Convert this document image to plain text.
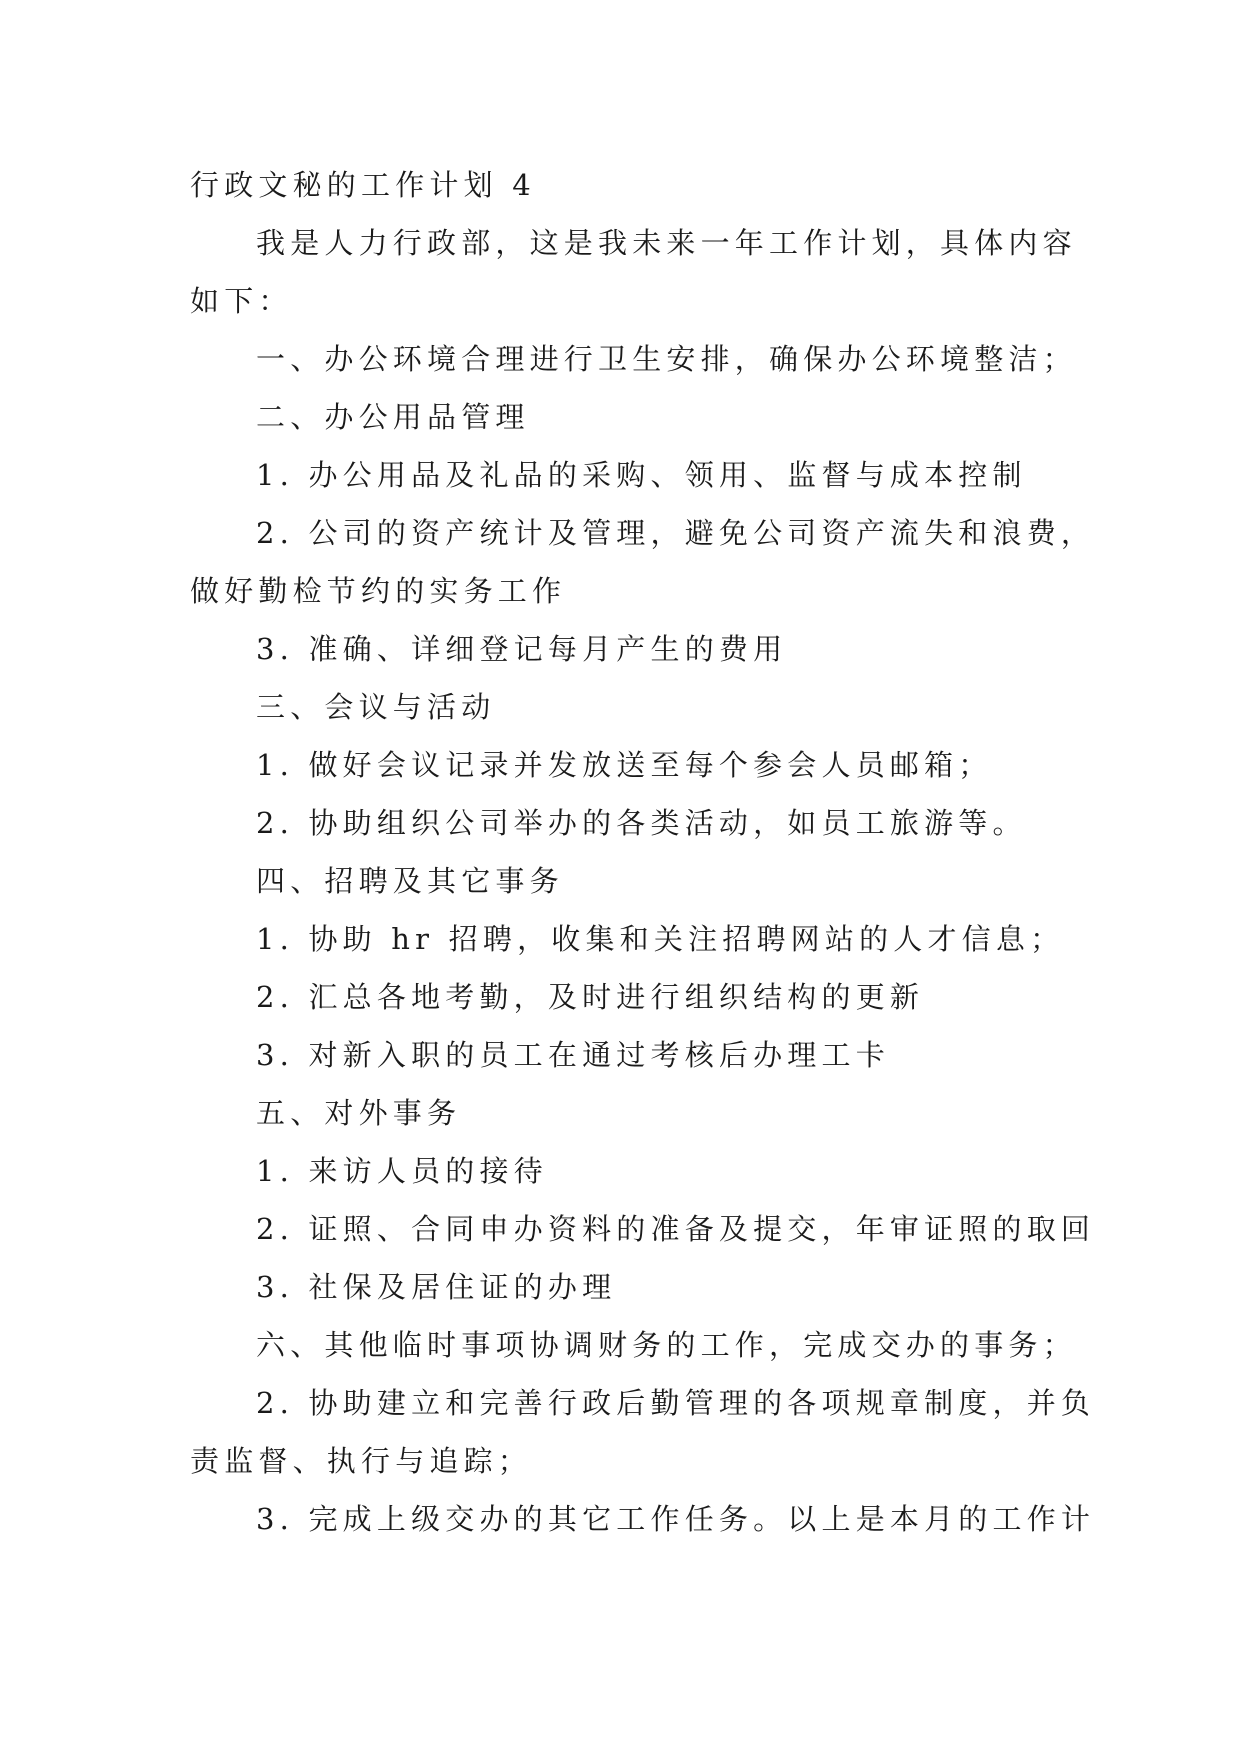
行政文秘的工作计划 4
我是人力行政部，这是我未来一年工作计划，具体内容
如下：
一、办公环境合理进行卫生安排，确保办公环境整洁；
二、办公用品管理
1. 办公用品及礼品的采购、领用、监督与成本控制
2. 公司的资产统计及管理，避免公司资产流失和浪费，
做好勤检节约的实务工作
3. 准确、详细登记每月产生的费用
三、会议与活动
1. 做好会议记录并发放送至每个参会人员邮箱；
2. 协助组织公司举办的各类活动，如员工旅游等。
四、招聘及其它事务
1. 协助 hr 招聘，收集和关注招聘网站的人才信息；
2. 汇总各地考勤，及时进行组织结构的更新
3. 对新入职的员工在通过考核后办理工卡
五、对外事务
1. 来访人员的接待
2. 证照、合同申办资料的准备及提交，年审证照的取回
3. 社保及居住证的办理
六、其他临时事项协调财务的工作，完成交办的事务；
2. 协助建立和完善行政后勤管理的各项规章制度，并负
责监督、执行与追踪；
3. 完成上级交办的其它工作任务。以上是本月的工作计
